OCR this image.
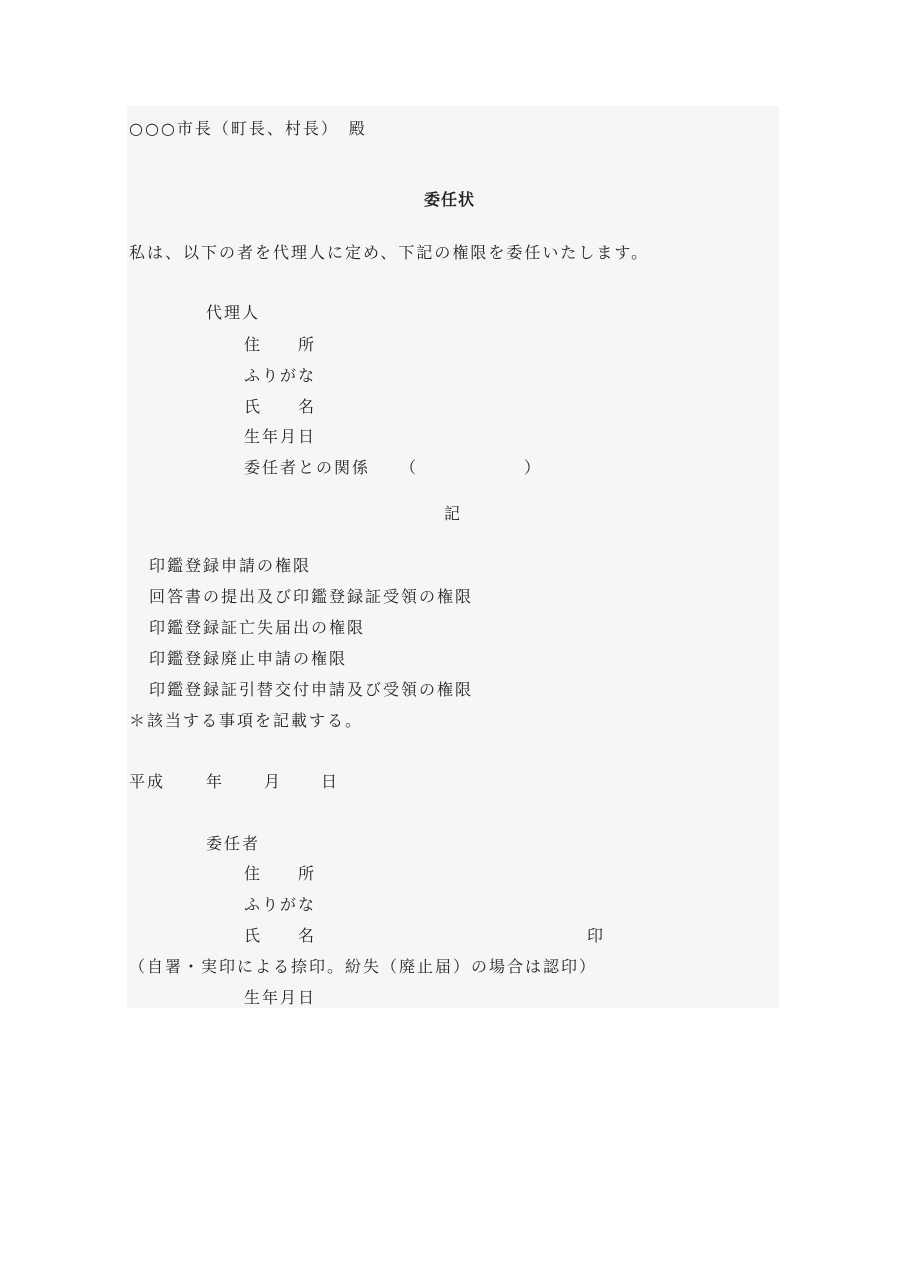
○○○市長（町長、村長）　殿
委任状
私は、以下の者を代理人に定め、下記の権限を委任いたします。
代理人
住　　所
ふりがな
氏　　名
生年月日
委任者との関係 （	）
記
印鑑登録申請の権限
回答書の提出及び印鑑登録証受領の権限
印鑑登録証亡失届出の権限
印鑑登録廃止申請の権限
印鑑登録証引替交付申請及び受領の権限
＊該当する事項を記載する。
平成	年 月 日
委任者
住　　所
ふりがな
氏　　名	印
（自署・実印による捺印。紛失（廃止届）の場合は認印）
生年月日
